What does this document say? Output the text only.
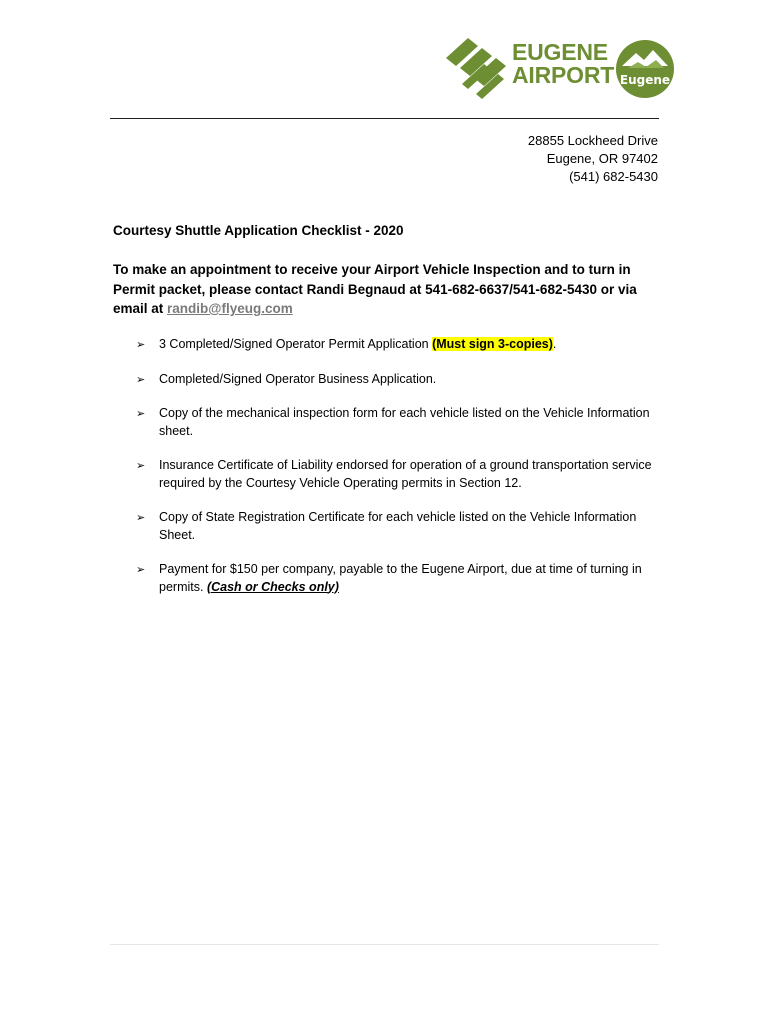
EUGENE
AIRPORT Eugene
28855 Lockheed Drive
Eugene, OR 97402
(541) 682-5430
Courtesy Shuttle Application Checklist - 2020
To make an appointment to receive your Airport Vehicle Inspection and to turn in Permit packet, please contact Randi Begnaud at 541-682-6637/541-682-5430 or via email at randib@flyeug.com
➢ 3 Completed/Signed Operator Permit Application (Must sign 3-copies).
➢ Completed/Signed Operator Business Application.
➢ Copy of the mechanical inspection form for each vehicle listed on the Vehicle Information sheet.
➢ Insurance Certificate of Liability endorsed for operation of a ground transportation service required by the Courtesy Vehicle Operating permits in Section 12.
➢ Copy of State Registration Certificate for each vehicle listed on the Vehicle Information Sheet.
➢ Payment for $150 per company, payable to the Eugene Airport, due at time of turning in permits. (Cash or Checks only)
